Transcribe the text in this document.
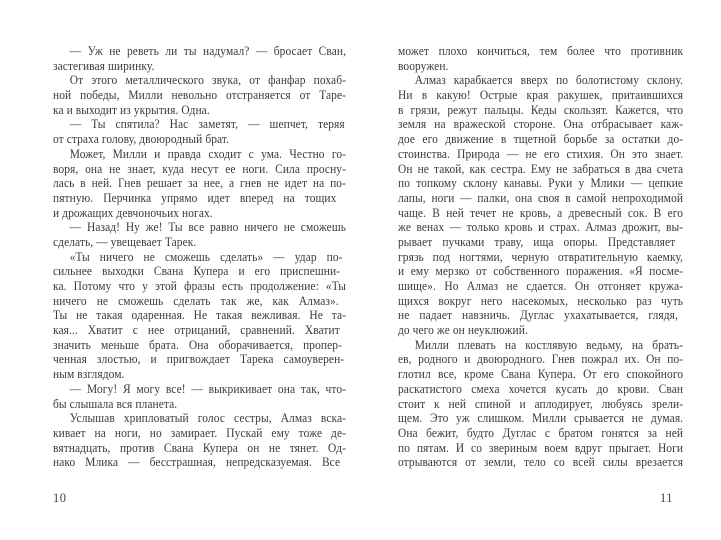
— Уж не реветь ли ты надумал? — бросает Сван,
застегивая ширинку.
От этого металлического звука, от фанфар похаб-
ной победы, Милли невольно отстраняется от Таре-
ка и выходит из укрытия. Одна.
— Ты спятила? Нас заметят, — шепчет, теряя
от страха голову, двоюродный брат.
Может, Милли и правда сходит с ума. Честно го-
воря, она не знает, куда несут ее ноги. Сила просну-
лась в ней. Гнев решает за нее, а гнев не идет на по-
пятную. Перчинка упрямо идет вперед на тощих
и дрожащих девчоночьих ногах.
— Назад! Ну же! Ты все равно ничего не сможешь
сделать, — увещевает Тарек.
«Ты ничего не сможешь сделать» — удар по-
сильнее выходки Свана Купера и его приспешни-
ка. Потому что у этой фразы есть продолжение: «Ты
ничего не сможешь сделать так же, как Алмаз».
Ты не такая одаренная. Не такая вежливая. Не та-
кая... Хватит с нее отрицаний, сравнений. Хватит
значить меньше брата. Она оборачивается, пропер-
ченная злостью, и пригвождает Тарека самоуверен-
ным взглядом.
— Могу! Я могу все! — выкрикивает она так, что-
бы слышала вся планета.
Услышав хрипловатый голос сестры, Алмаз вска-
кивает на ноги, но замирает. Пускай ему тоже де-
вятнадцать, против Свана Купера он не тянет. Од-
нако Млика — бесстрашная, непредсказуемая. Все
10
может плохо кончиться, тем более что противник
вооружен.
Алмаз карабкается вверх по болотистому склону.
Ни в какую! Острые края ракушек, притаившихся
в грязи, режут пальцы. Кеды скользят. Кажется, что
земля на вражеской стороне. Она отбрасывает каж-
дое его движение в тщетной борьбе за остатки до-
стоинства. Природа — не его стихия. Он это знает.
Он не такой, как сестра. Ему не забраться в два счета
по топкому склону канавы. Руки у Млики — цепкие
лапы, ноги — палки, она своя в самой непроходимой
чаще. В ней течет не кровь, а древесный сок. В его
же венах — только кровь и страх. Алмаз дрожит, вы-
рывает пучками траву, ища опоры. Представляет
грязь под ногтями, черную отвратительную каемку,
и ему мерзко от собственного поражения. «Я посме-
шище». Но Алмаз не сдается. Он отгоняет кружа-
щихся вокруг него насекомых, несколько раз чуть
не падает навзничь. Дуглас ухахатывается, глядя,
до чего же он неуклюжий.
Милли плевать на костлявую ведьму, на брать-
ев, родного и двоюродного. Гнев пожрал их. Он по-
глотил все, кроме Свана Купера. От его спокойного
раскатистого смеха хочется кусать до крови. Сван
стоит к ней спиной и аплодирует, любуясь зрели-
щем. Это уж слишком. Милли срывается не думая.
Она бежит, будто Дуглас с братом гонятся за ней
по пятам. И со звериным воем вдруг прыгает. Ноги
отрываются от земли, тело со всей силы врезается
11
